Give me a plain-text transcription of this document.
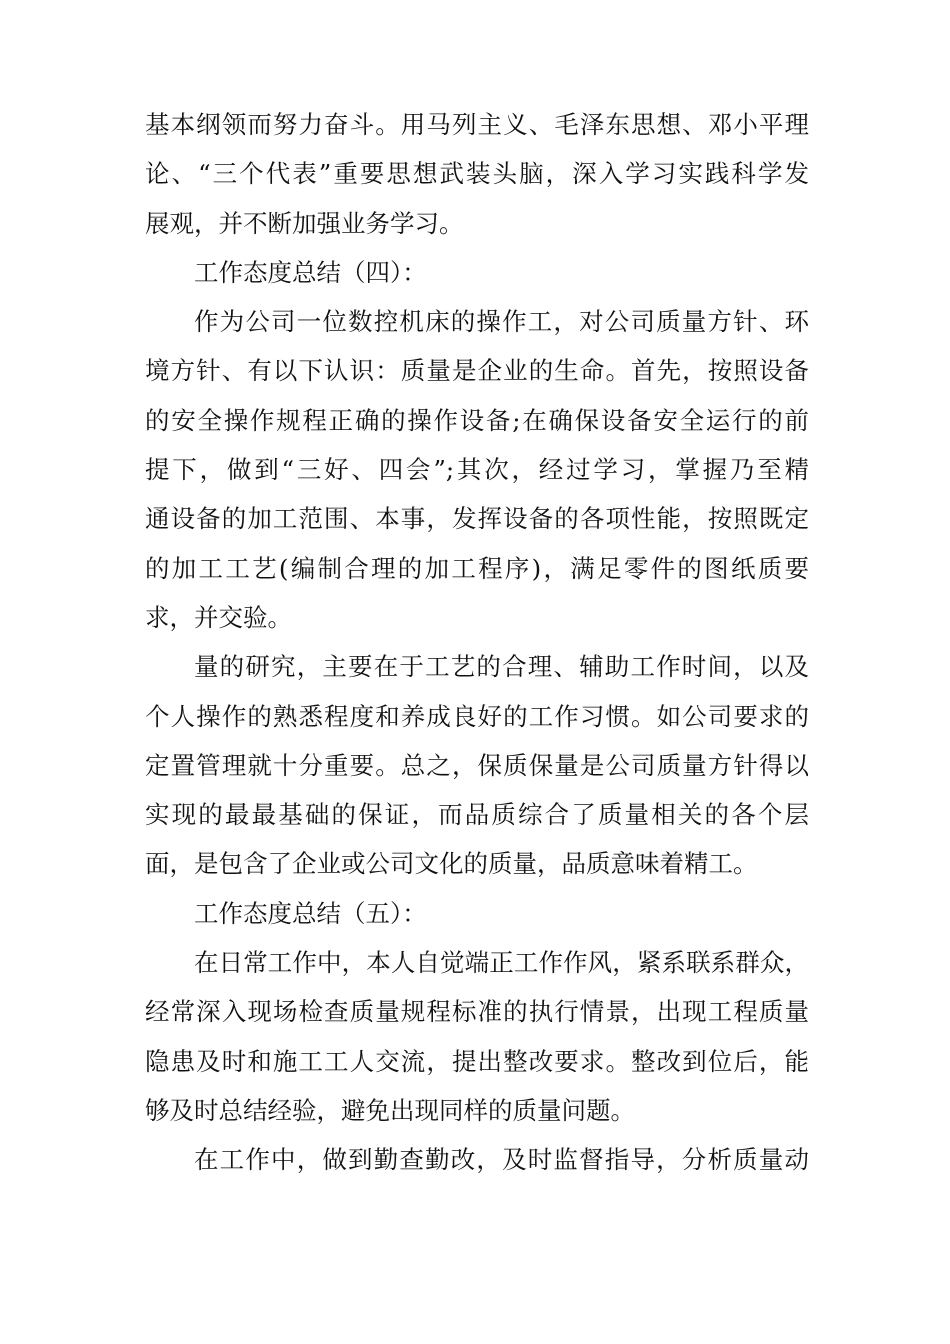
基本纲领而努力奋斗。用马列主义、毛泽东思想、邓小平理
论、“三个代表”重要思想武装头脑，深入学习实践科学发
展观，并不断加强业务学习。

工作态度总结（四）：

作为公司一位数控机床的操作工，对公司质量方针、环
境方针、有以下认识：质量是企业的生命。首先，按照设备
的安全操作规程正确的操作设备;在确保设备安全运行的前
提下，做到“三好、四会”;其次，经过学习，掌握乃至精
通设备的加工范围、本事，发挥设备的各项性能，按照既定
的加工工艺(编制合理的加工程序)，满足零件的图纸质要
求，并交验。

量的研究，主要在于工艺的合理、辅助工作时间，以及
个人操作的熟悉程度和养成良好的工作习惯。如公司要求的
定置管理就十分重要。总之，保质保量是公司质量方针得以
实现的最最基础的保证，而品质综合了质量相关的各个层
面，是包含了企业或公司文化的质量，品质意味着精工。

工作态度总结（五）：

在日常工作中，本人自觉端正工作作风，紧系联系群众，
经常深入现场检查质量规程标准的执行情景，出现工程质量
隐患及时和施工工人交流，提出整改要求。整改到位后，能
够及时总结经验，避免出现同样的质量问题。

在工作中，做到勤查勤改，及时监督指导，分析质量动
